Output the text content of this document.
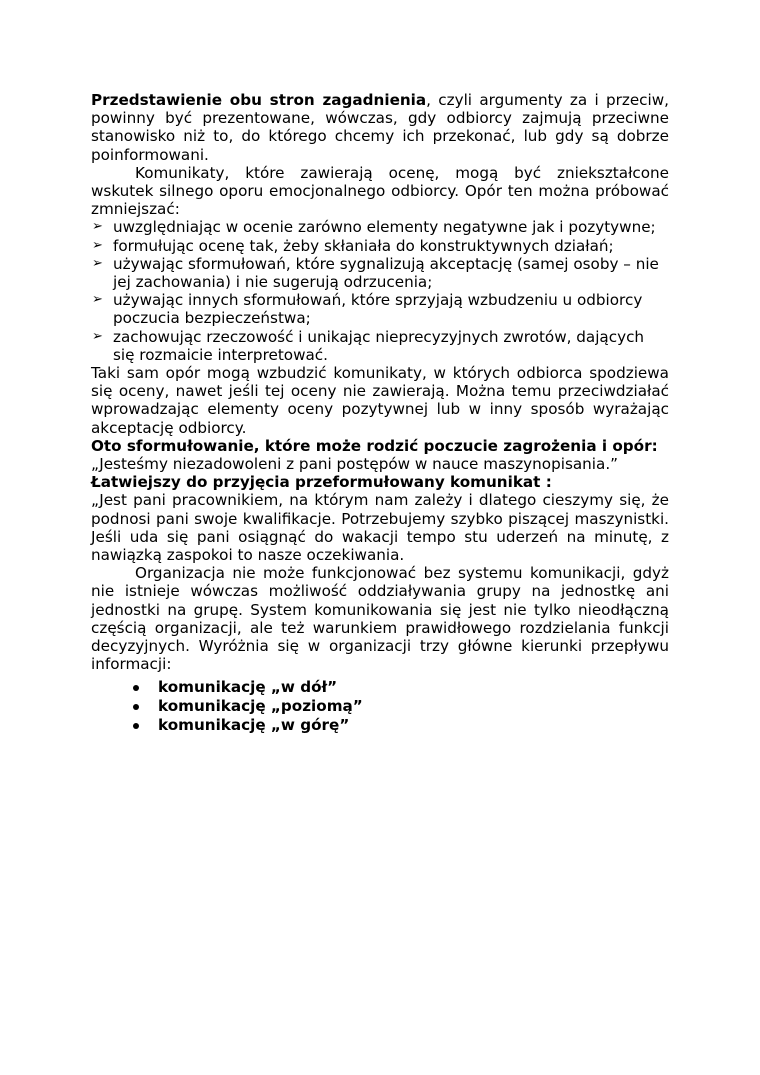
Przedstawienie obu stron zagadnienia, czyli argumenty za i przeciw, powinny być prezentowane, wówczas, gdy odbiorcy zajmują przeciwne stanowisko niż to, do którego chcemy ich przekonać, lub gdy są dobrze poinformowani.

Komunikaty, które zawierają ocenę, mogą być zniekształcone wskutek silnego oporu emocjonalnego odbiorcy. Opór ten można próbować zmniejszać:

➢ uwzględniając w ocenie zarówno elementy negatywne jak i pozytywne;
➢ formułując ocenę tak, żeby skłaniała do konstruktywnych działań;
➢ używając sformułowań, które sygnalizują akceptację (samej osoby – nie jej zachowania) i nie sugerują odrzucenia;
➢ używając innych sformułowań, które sprzyjają wzbudzeniu u odbiorcy poczucia bezpieczeństwa;
➢ zachowując rzeczowość i unikając nieprecyzyjnych zwrotów, dających się rozmaicie interpretować.

Taki sam opór mogą wzbudzić komunikaty, w których odbiorca spodziewa się oceny, nawet jeśli tej oceny nie zawierają. Można temu przeciwdziałać wprowadzając elementy oceny pozytywnej lub w inny sposób wyrażając akceptację odbiorcy.

Oto sformułowanie, które może rodzić poczucie zagrożenia i opór:

„Jesteśmy niezadowoleni z pani postępów w nauce maszynopisania.”

Łatwiejszy do przyjęcia przeformułowany komunikat :

„Jest pani pracownikiem, na którym nam zależy i dlatego cieszymy się, że podnosi pani swoje kwalifikacje. Potrzebujemy szybko piszącej maszynistki. Jeśli uda się pani osiągnąć do wakacji tempo stu uderzeń na minutę, z nawiązką zaspokoi to nasze oczekiwania.

Organizacja nie może funkcjonować bez systemu komunikacji, gdyż nie istnieje wówczas możliwość oddziaływania grupy na jednostkę ani jednostki na grupę. System komunikowania się jest nie tylko nieodłączną częścią organizacji, ale też warunkiem prawidłowego rozdzielania funkcji decyzyjnych. Wyróżnia się w organizacji trzy główne kierunki przepływu informacji:

komunikację „w dół”
komunikację „poziomą”
komunikację „w górę”
